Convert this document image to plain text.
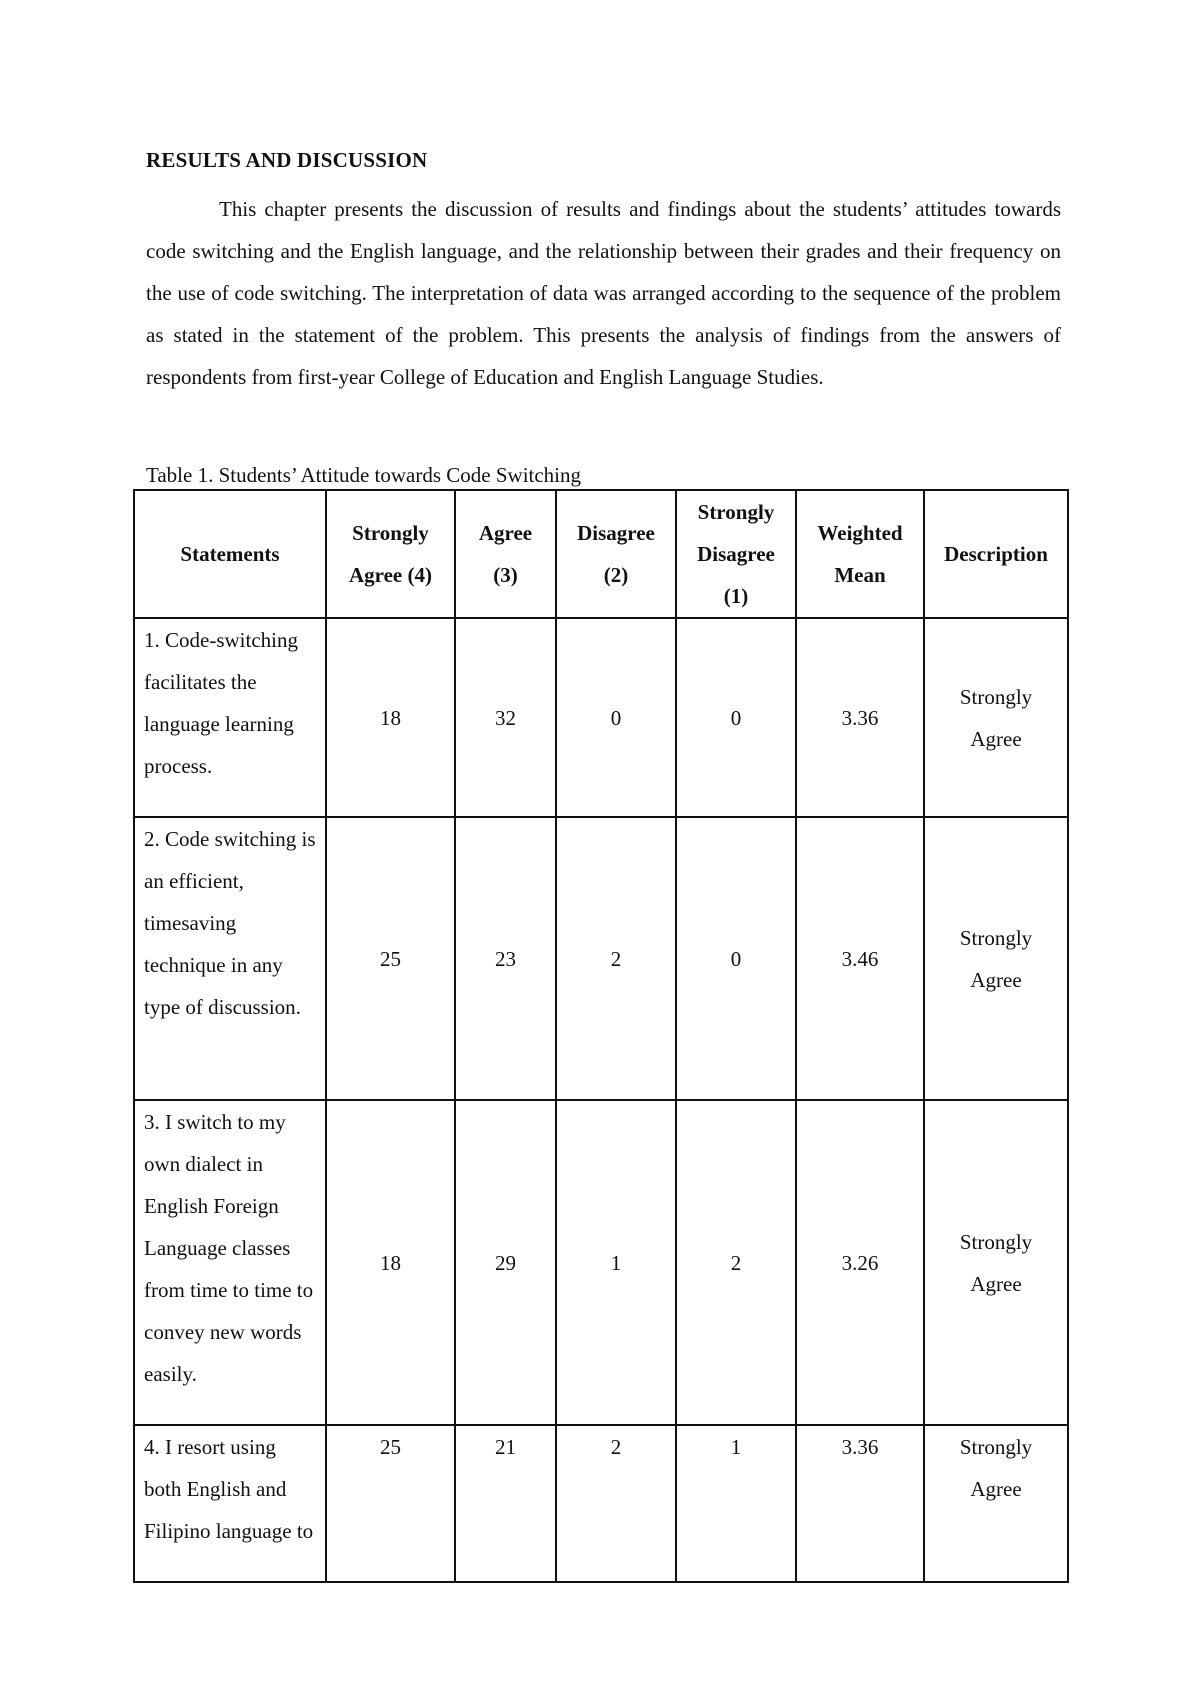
RESULTS AND DISCUSSION

This chapter presents the discussion of results and findings about the students’ attitudes towards code switching and the English language, and the relationship between their grades and their frequency on the use of code switching. The interpretation of data was arranged according to the sequence of the problem as stated in the statement of the problem. This presents the analysis of findings from the answers of respondents from first-year College of Education and English Language Studies.

Table 1. Students’ Attitude towards Code Switching

Statements	Strongly Agree (4)	Agree (3)	Disagree (2)	Strongly Disagree (1)	Weighted Mean	Description
1. Code-switching facilitates the language learning process.	18	32	0	0	3.36	Strongly Agree
2. Code switching is an efficient, timesaving technique in any type of discussion.	25	23	2	0	3.46	Strongly Agree
3. I switch to my own dialect in English Foreign Language classes from time to time to convey new words easily.	18	29	1	2	3.26	Strongly Agree
4. I resort using both English and Filipino language to	25	21	2	1	3.36	Strongly Agree
